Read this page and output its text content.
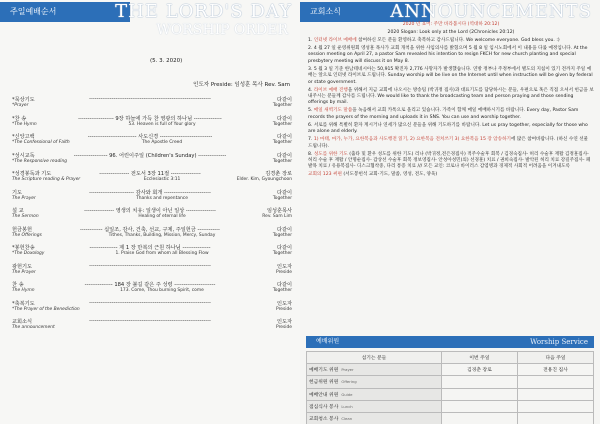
주일예배순서	THE LORD'S DAY
WORSHIP ORDER
(5. 3. 2020)
인도자 Preside: 임성훈 목사 Rev. Sam
*묵상기도	-----------------------------------------------------------------	다같이
*Prayer	Together
*찬 송	------------------- 9장 하늘에 가득 찬 영광의 하나님 ---------------	다같이
*The Hymn	53. Heaven is full of Your glory	Together
*신앙고백	-------------------------- 사도신경 ----------------------------	다같이
*The Confessional of Faith	The Apostle Creed	Together
*성시교독	------------------ 96. 어린이주일 (Children's Sunday) ---------------	다같이
*The Responsive reading	Together
*성경봉독과 기도	---------------- 전도서 3장 11절 ----------------	김경춘 장로
The Scripture reading & Prayer	Ecclesiastic 3:11	Elder. Kim, Gyoungchoon
기도	------------------------ 감사와 회개 -------------------------	다같이
The Prayer	Thanks and repentance	Together
설 교	---------------- 영생의 치유: 일생이 아닌 일상 ----------------	임성훈목사
The Sermon	Healing of eternal life	Rev. Sam Lim
헌금봉헌	------------ 십일조, 감사, 건축, 선교, 구제, 주일헌금 ------------	다같이
The Offerings	Tithes, Thanks, Building, Mission, Mercy, Sunday	Together
*봉헌찬송	--------------- 제 1 장 만복의 근원 하나님 ---------------	다같이
*The Doxology	1. Praise God from whom all Blessing Flow	Together
광헌기도	-----------------------------------------------------------------	인도자
The Prayer	Preside
찬 송	--------------- 184 장 불길 같은 주 성령 ----------------------	다같이
The Hymn	173. Come, Thou burning Spirit, come	Together
*축복기도	-----------------------------------------------------------------	인도자
*The Prayer of the Benediction	Preside
교회소식	-----------------------------------------------------------------	인도자
The announcement	Preside
교회소식	ANNOUNCEMENTS

2020 년 표어: 주만 바라봅시다 (역대하 20:12)

2020 Slogan: Look only at the Lord (2Chronicles 20:12)

1. 인터넷 라이브 예배에 참여하신 모든 분들 환영하고 축복하고 감사드립니다. We welcome everyone. God bless you. :)

2. 4 월 27 일 운영위원회 영성훈 목사가 교회 개척을 위한 사임의사를 밝혔으며 5 월 8 일 임시노회에서 이 내용을 다룰 예정입니다. At the session meeting on April 27, a pastor Sam revealed his intention to resign FKCH for new church planting and special presbytery meeting will discuss it on May 8.

3. 5 월 3 일 기준 한남테네시아는 50,915 확진자 2,776 사망자가 발생했습니다. 연방 정부나 주정부에서 별도의 지침이 있기 전까지 주일 예배는 앞으로 인터넷 라이브로 드립니다. Sunday worship will be live on the Internet until when instruction will be given by federal or state government.

4. 라이브 예배 진행을 위해서 지금 교회에 나오시는 방송팀 (박귀정 집사)과 대표기도를 담당하시는 분들, 우편으로 혹은 직접 오셔서 헌금을 보내주시는 분들께 감사를 드립니다. We would like to thank the broadcasting team and person praying and those sending offerings by mail.

5. 매일 새벽기도 말씀을 녹음해서 교회 카톡으로 올리고 있습니다. 가족이 함께 매일 예배하시기를 바랍니다. Every day, Pastor Sam records the prayers of the morning and uploads it in SNS. You can use and worship together.

6. 서로를 위해 특별히 환자 계시거나 연세가 많으신 분들을 위해 기도하기를 바랍니다. Let us pray together, especially for those who are alone and elderly.

7. 1) 마태, 마가, 누가, 요한복음과 사도행전 읽기, 2) 요한복음 전쳐쓰기 3) 요한복음 15 장 암송하기에 많은 참여바랍니다. (하신 수연 선물 드립니다).

8. 성도를 위한 기도 (출타 및 환우 성도를 위한 기도) 리나 (박귀정,전은경집사) 적주수술후 회복 / 김경숙집사- 허리 수술후 재활 김정훈집사- 허리 수술 후 재활 / 안명순집사- 갑상선 수술후 회복 정보영집사- 안성아성민(의) 선경훈) 치료 / 권희숙집사- 발악된 허리 치료 강길주집사- 폐 발목 치료 / 유용복집사- 디스크협착중, 다리 통증 치료 /// 모든 교인: 코로나 바이러스 감염병과 경제적 사회적 어려움을 이겨내도록

교회의 123 써편 (서도봉헌석 교회-기도, 말씀, 영성, 전도, 양육)

예배위원	Worship Service
섬기는 분들	이번 주일	다음 주일
예배기도 위원 Prayer	김경춘 장로	전용진 집사
헌금위원 위원 Offering		
예배안내 위원 Guide		
점심식사 봉사 Lunch		
교회청소 봉사 Clean		
